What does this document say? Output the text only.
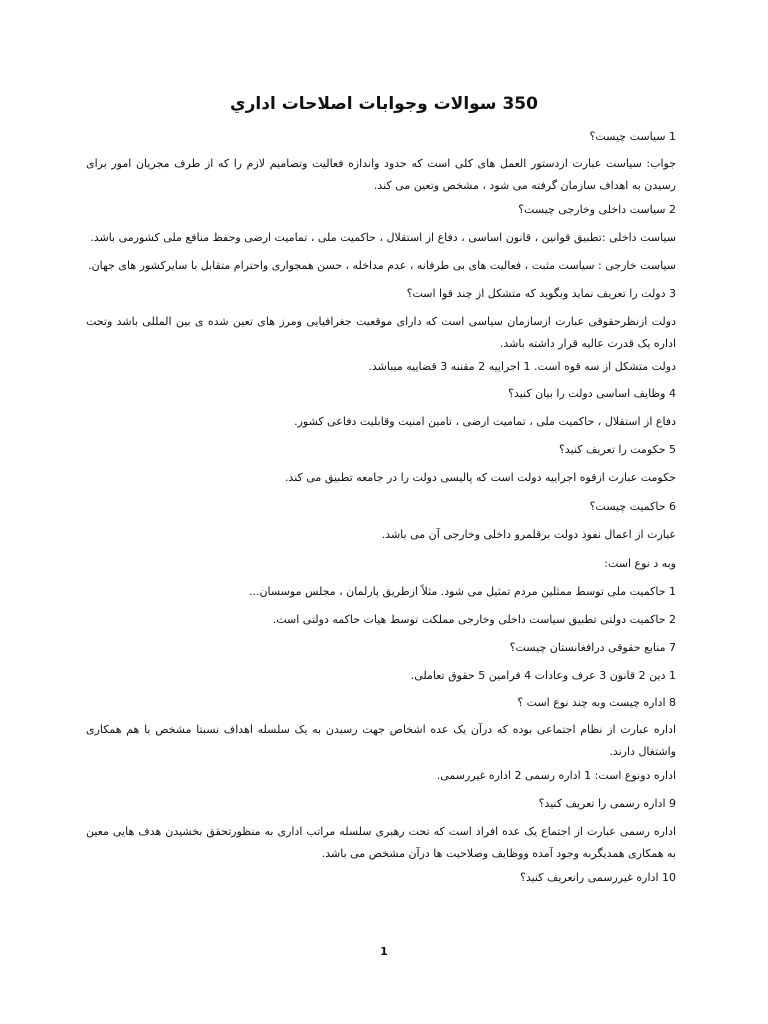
350 سوالات وجوابات اصلاحات اداري
1 سیاست چیست؟
جواب: سیاست عبارت ازدستور العمل های کلی است که حدود واندازه فعالیت وتصامیم لازم را که از طرف مجریان امور برای رسیدن به اهداف سازمان گرفته می شود ، مشخص وتعین می کند.
2 سیاست داخلی وخارجی چیست؟
سیاست داخلی :تطبیق قوانین ، قانون اساسی ، دفاع از استقلال ، حاکمیت ملی ، تمامیت ارضی وحفظ منافع ملی کشورمی باشد.
سیاست خارجی : سیاست مثبت ، فعالیت های بی طرفانه ، عدم مداخله ، حسن همجواری واحترام متقابل با سایرکشور های جهان.
3 دولت را تعریف نماید وبگوید که متشکل از چند قوا است؟
دولت ازنظرحقوقی عبارت ازسازمان سیاسی است که دارای موقعیت جغرافیایی ومرز های تعین شده ی بین المللی باشد وتحت اداره یک قدرت عالیه قرار داشته باشد.
دولت متشکل از سه قوه است. 1 اجراییه 2 مقننه 3 قضاییه میباشد.
4 وظایف اساسی دولت را بیان کنید؟
دفاع از استقلال ، حاکمیت ملی ، تمامیت ارضی ، تامین امنیت وقابلیت دفاعی کشور.
5 حکومت را تعریف کنید؟
حکومت عبارت ازقوه اجراییه دولت است که پالیسی دولت را در جامعه تطبیق می کند.
6 حاکمیت چیست؟
عبارت از اعمال نفوذ دولت برقلمرو داخلی وخارجی آن می باشد.
وبه د نوع است:
1 حاکمیت ملی توسط ممثلین مردم تمثیل می شود. مثلاً ازطریق پارلمان ، مجلس موسسان...
2 حاکمیت دولتی تطبیق سیاست داخلی وخارجی مملکت توسط هیات حاکمه دولتی است.
7 منابع حقوقی درافغانستان چیست؟
1 دین 2 قانون 3 عرف وعادات 4 فرامین 5 حقوق تعاملی.
8 اداره چیست وبه چند نوع است ؟
اداره عبارت از نظام اجتماعی بوده که درآن یک عده اشخاص جهت رسیدن به یک سلسله اهداف نسبتا مشخص با هم همکاری واشتغال دارند.
اداره دونوع است: 1 اداره رسمی 2 اداره غیررسمی.
9 اداره رسمی را تعریف کنید؟
اداره رسمی عبارت از اجتماع یک عده افراد است که تحت رهبری سلسله مراتب اداری به منظورتحقق بخشیدن هدف هایی معین به همکاری همدیگربه وجود آمده ووظایف وصلاحیت ها درآن مشخص می باشد.
10 اداره غیررسمی رانعریف کنید؟
1
